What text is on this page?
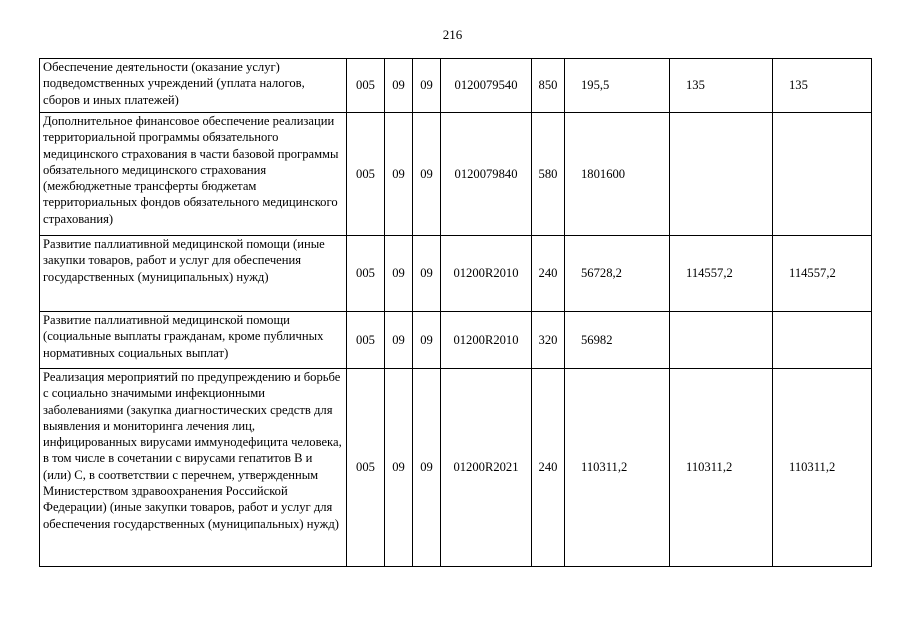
216
Обеспечение деятельности (оказание услуг) подведомственных учреждений (уплата налогов, сборов и иных платежей)	005	09	09	0120079540	850	195,5	135	135
Дополнительное финансовое обеспечение реализации территориальной программы обязательного медицинского страхования в части базовой программы обязательного медицинского страхования (межбюджетные трансферты бюджетам территориальных фондов обязательного медицинского страхования)	005	09	09	0120079840	580	1801600		
Развитие паллиативной медицинской помощи (иные закупки товаров, работ и услуг для обеспечения государственных (муниципальных) нужд)	005	09	09	01200R2010	240	56728,2	114557,2	114557,2
Развитие паллиативной медицинской помощи (социальные выплаты гражданам, кроме публичных нормативных социальных выплат)	005	09	09	01200R2010	320	56982		
Реализация мероприятий по предупреждению и борьбе с социально значимыми инфекционными заболеваниями (закупка диагностических средств для выявления и мониторинга лечения лиц, инфицированных вирусами иммунодефицита человека, в том числе в сочетании с вирусами гепатитов В и (или) С, в соответствии с перечнем, утвержденным Министерством здравоохранения Российской Федерации) (иные закупки товаров, работ и услуг для обеспечения государственных (муниципальных) нужд)	005	09	09	01200R2021	240	110311,2	110311,2	110311,2
